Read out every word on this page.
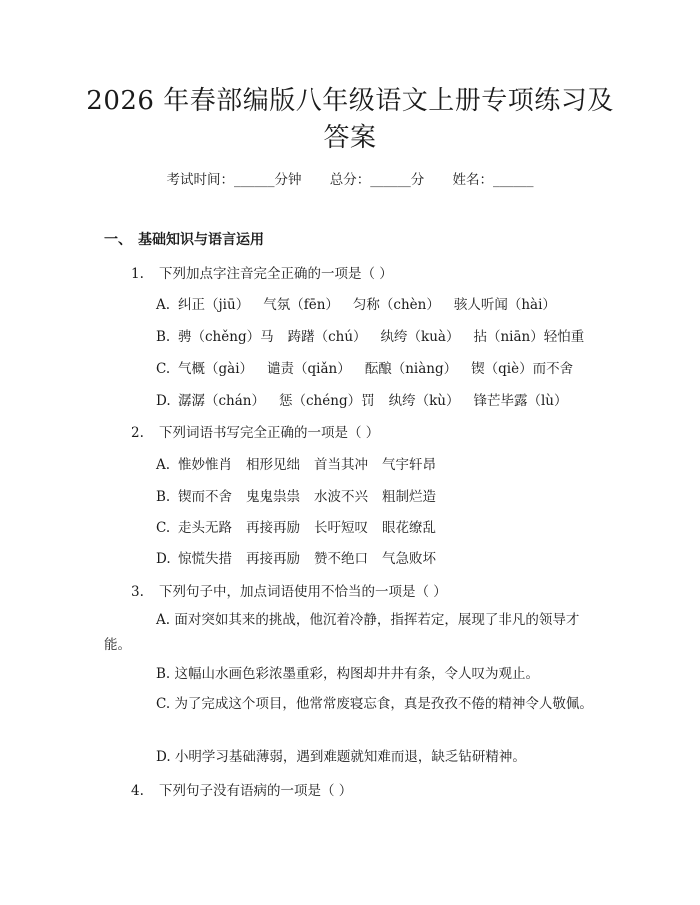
2026 年春部编版八年级语文上册专项练习及
答案
考试时间：______分钟 总分：______分 姓名：______
一、 基础知识与语言运用
1. 下列加点字注音完全正确的一项是（ ）
A. 纠正（jiū） 气氛（fēn） 匀称（chèn） 骇人听闻（hài）
B. 骋（chěng）马 踌躇（chú） 纨绔（kuà） 拈（niān）轻怕重
C. 气概（gài） 谴责（qiǎn） 酝酿（niàng） 锲（qiè）而不舍
D. 潺潺（chán） 惩（chéng）罚 纨绔（kù） 锋芒毕露（lù）
2. 下列词语书写完全正确的一项是（ ）
A. 惟妙惟肖 相形见绌 首当其冲 气宇轩昂
B. 锲而不舍 鬼鬼祟祟 水波不兴 粗制烂造
C. 走头无路 再接再励 长吁短叹 眼花缭乱
D. 惊慌失措 再接再励 赞不绝口 气急败坏
3. 下列句子中，加点词语使用不恰当的一项是（ ）
A. 面对突如其来的挑战，他沉着冷静，指挥若定，展现了非凡的领导才能。
B. 这幅山水画色彩浓墨重彩，构图却井井有条，令人叹为观止。
C. 为了完成这个项目，他常常废寝忘食，真是孜孜不倦的精神令人敬佩。
D. 小明学习基础薄弱，遇到难题就知难而退，缺乏钻研精神。
4. 下列句子没有语病的一项是（ ）
